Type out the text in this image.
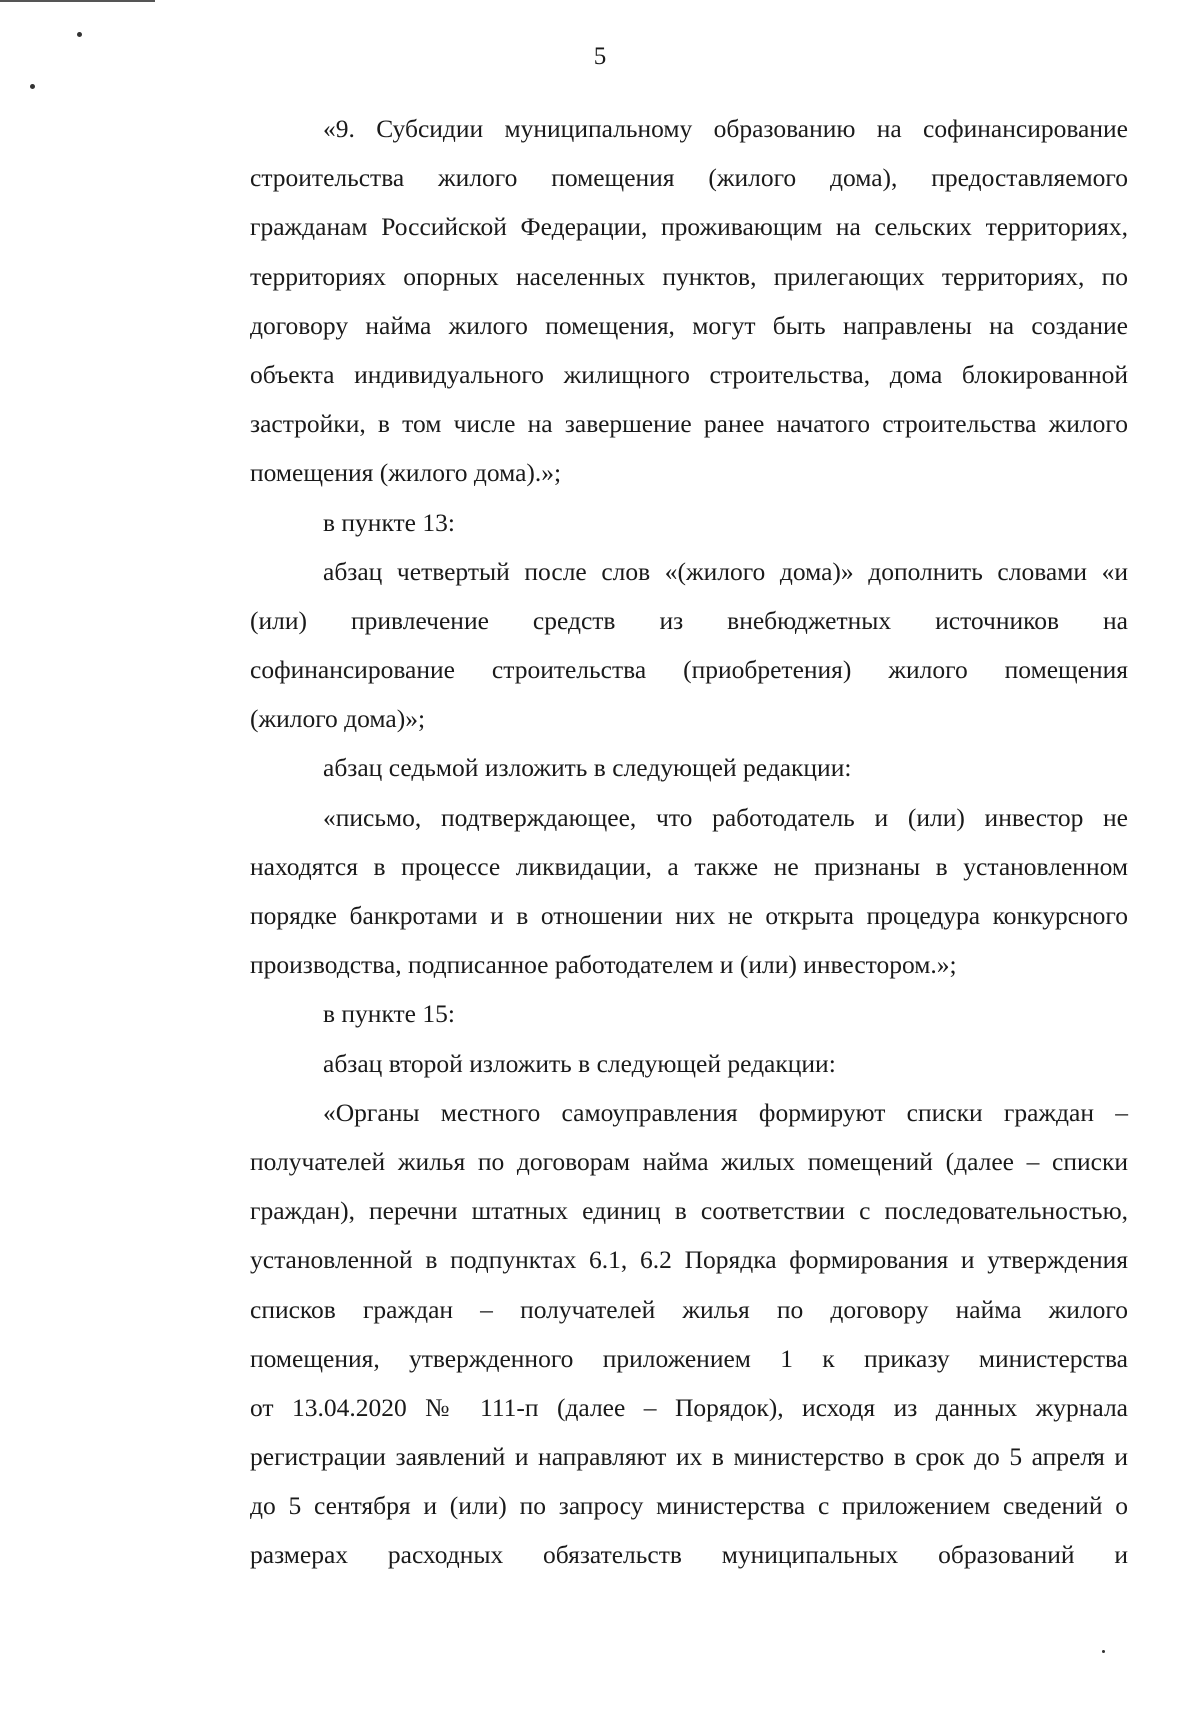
5
«9. Субсидии муниципальному образованию на софинансирование
строительства жилого помещения (жилого дома), предоставляемого
гражданам Российской Федерации, проживающим на сельских территориях,
территориях опорных населенных пунктов, прилегающих территориях, по
договору найма жилого помещения, могут быть направлены на создание
объекта индивидуального жилищного строительства, дома блокированной
застройки, в том числе на завершение ранее начатого строительства жилого
помещения (жилого дома).»;
в пункте 13:
абзац четвертый после слов «(жилого дома)» дополнить словами «и
(или) привлечение средств из внебюджетных источников на
софинансирование строительства (приобретения) жилого помещения
(жилого дома)»;
абзац седьмой изложить в следующей редакции:
«письмо, подтверждающее, что работодатель и (или) инвестор не
находятся в процессе ликвидации, а также не признаны в установленном
порядке банкротами и в отношении них не открыта процедура конкурсного
производства, подписанное работодателем и (или) инвестором.»;
в пункте 15:
абзац второй изложить в следующей редакции:
«Органы местного самоуправления формируют списки граждан –
получателей жилья по договорам найма жилых помещений (далее – списки
граждан), перечни штатных единиц в соответствии с последовательностью,
установленной в подпунктах 6.1, 6.2 Порядка формирования и утверждения
списков граждан – получателей жилья по договору найма жилого
помещения, утвержденного приложением 1 к приказу министерства
от 13.04.2020 № 111-п (далее – Порядок), исходя из данных журнала
регистрации заявлений и направляют их в министерство в срок до 5 апреля и
до 5 сентября и (или) по запросу министерства с приложением сведений о
размерах расходных обязательств муниципальных образований и
